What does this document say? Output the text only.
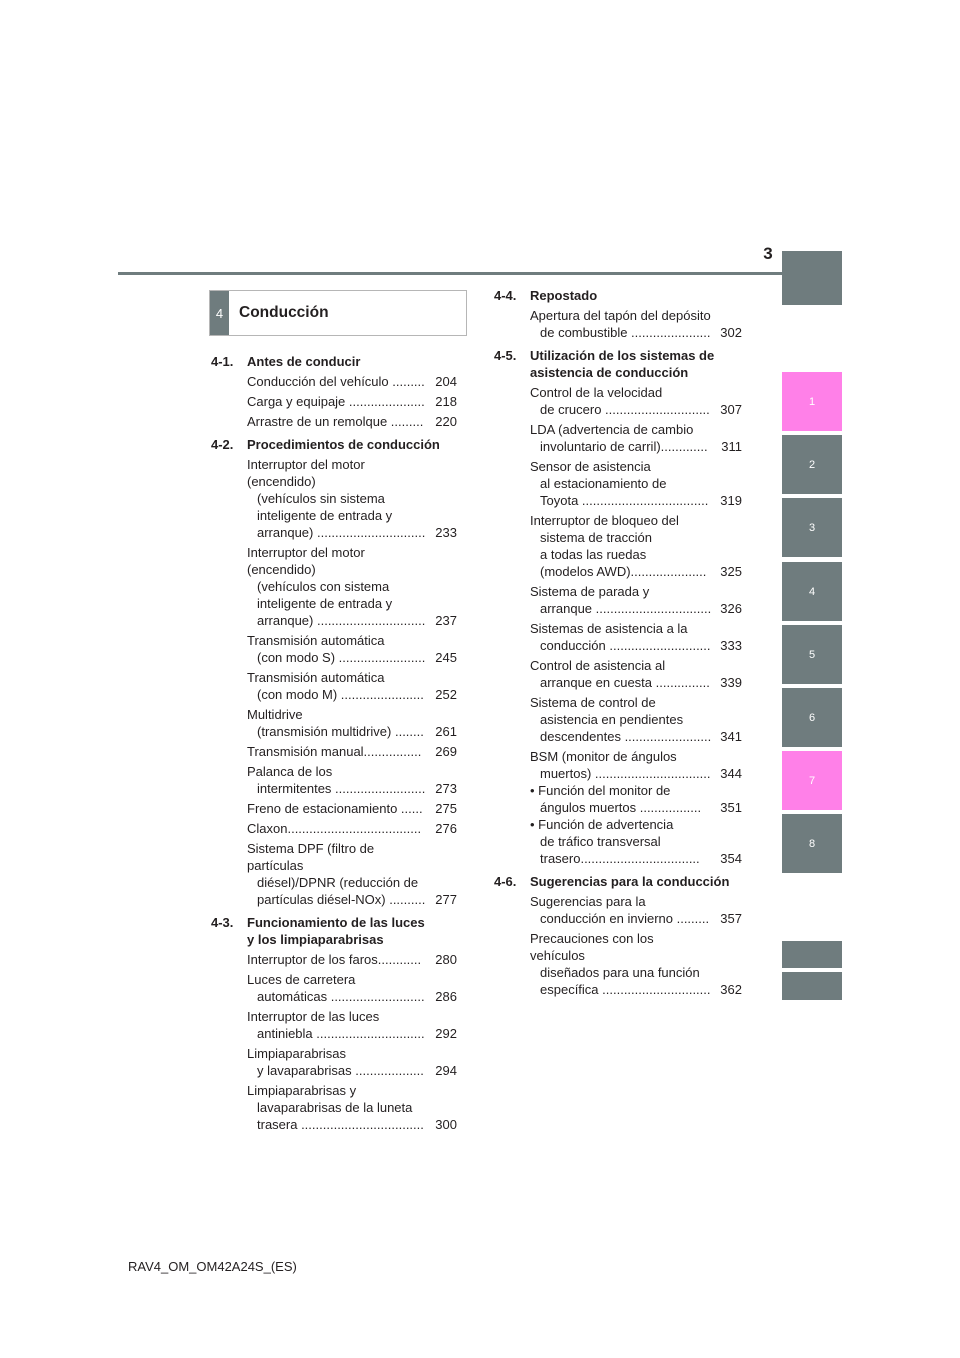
3
1
2
3
4
5
6
7
8
4	Conducción
4-1. Antes de conducir
Conducción del vehículo ......... 204
Carga y equipaje ..................... 218
Arrastre de un remolque ......... 220
4-2. Procedimientos de conducción
Interruptor del motor (encendido)
(vehículos sin sistema
inteligente de entrada y
arranque) .............................. 233
Interruptor del motor (encendido)
(vehículos con sistema
inteligente de entrada y
arranque) .............................. 237
Transmisión automática
(con modo S) ........................ 245
Transmisión automática
(con modo M) ....................... 252
Multidrive
(transmisión multidrive) ........ 261
Transmisión manual................	269
Palanca de los
intermitentes ......................... 273
Freno de estacionamiento ...... 275
Claxon.....................................	276
Sistema DPF (filtro de partículas
diésel)/DPNR (reducción de
partículas diésel-NOx) .......... 277
4-3. Funcionamiento de las luces
y los limpiaparabrisas
Interruptor de los faros............	280
Luces de carretera
automáticas .......................... 286
Interruptor de las luces
antiniebla .............................. 292
Limpiaparabrisas
y lavaparabrisas ................... 294
Limpiaparabrisas y
lavaparabrisas de la luneta
trasera .................................. 300
4-4. Repostado
Apertura del tapón del depósito
de combustible ...................... 302
4-5. Utilización de los sistemas de
asistencia de conducción
Control de la velocidad
de crucero ............................. 307
LDA (advertencia de cambio
involuntario de carril).............	311
Sensor de asistencia
al estacionamiento de
Toyota ................................... 319
Interruptor de bloqueo del
sistema de tracción
a todas las ruedas
(modelos AWD).....................	325
Sistema de parada y
arranque ................................ 326
Sistemas de asistencia a la
conducción ............................ 333
Control de asistencia al
arranque en cuesta ............... 339
Sistema de control de
asistencia en pendientes
descendentes ........................ 341
BSM (monitor de ángulos
muertos) ................................ 344
• Función del monitor de
ángulos muertos .................	351
• Función de advertencia
de tráfico transversal
trasero.................................	354
4-6. Sugerencias para la conducción
Sugerencias para la
conducción en invierno ......... 357
Precauciones con los vehículos
diseñados para una función
específica .............................. 362
RAV4_OM_OM42A24S_(ES)
